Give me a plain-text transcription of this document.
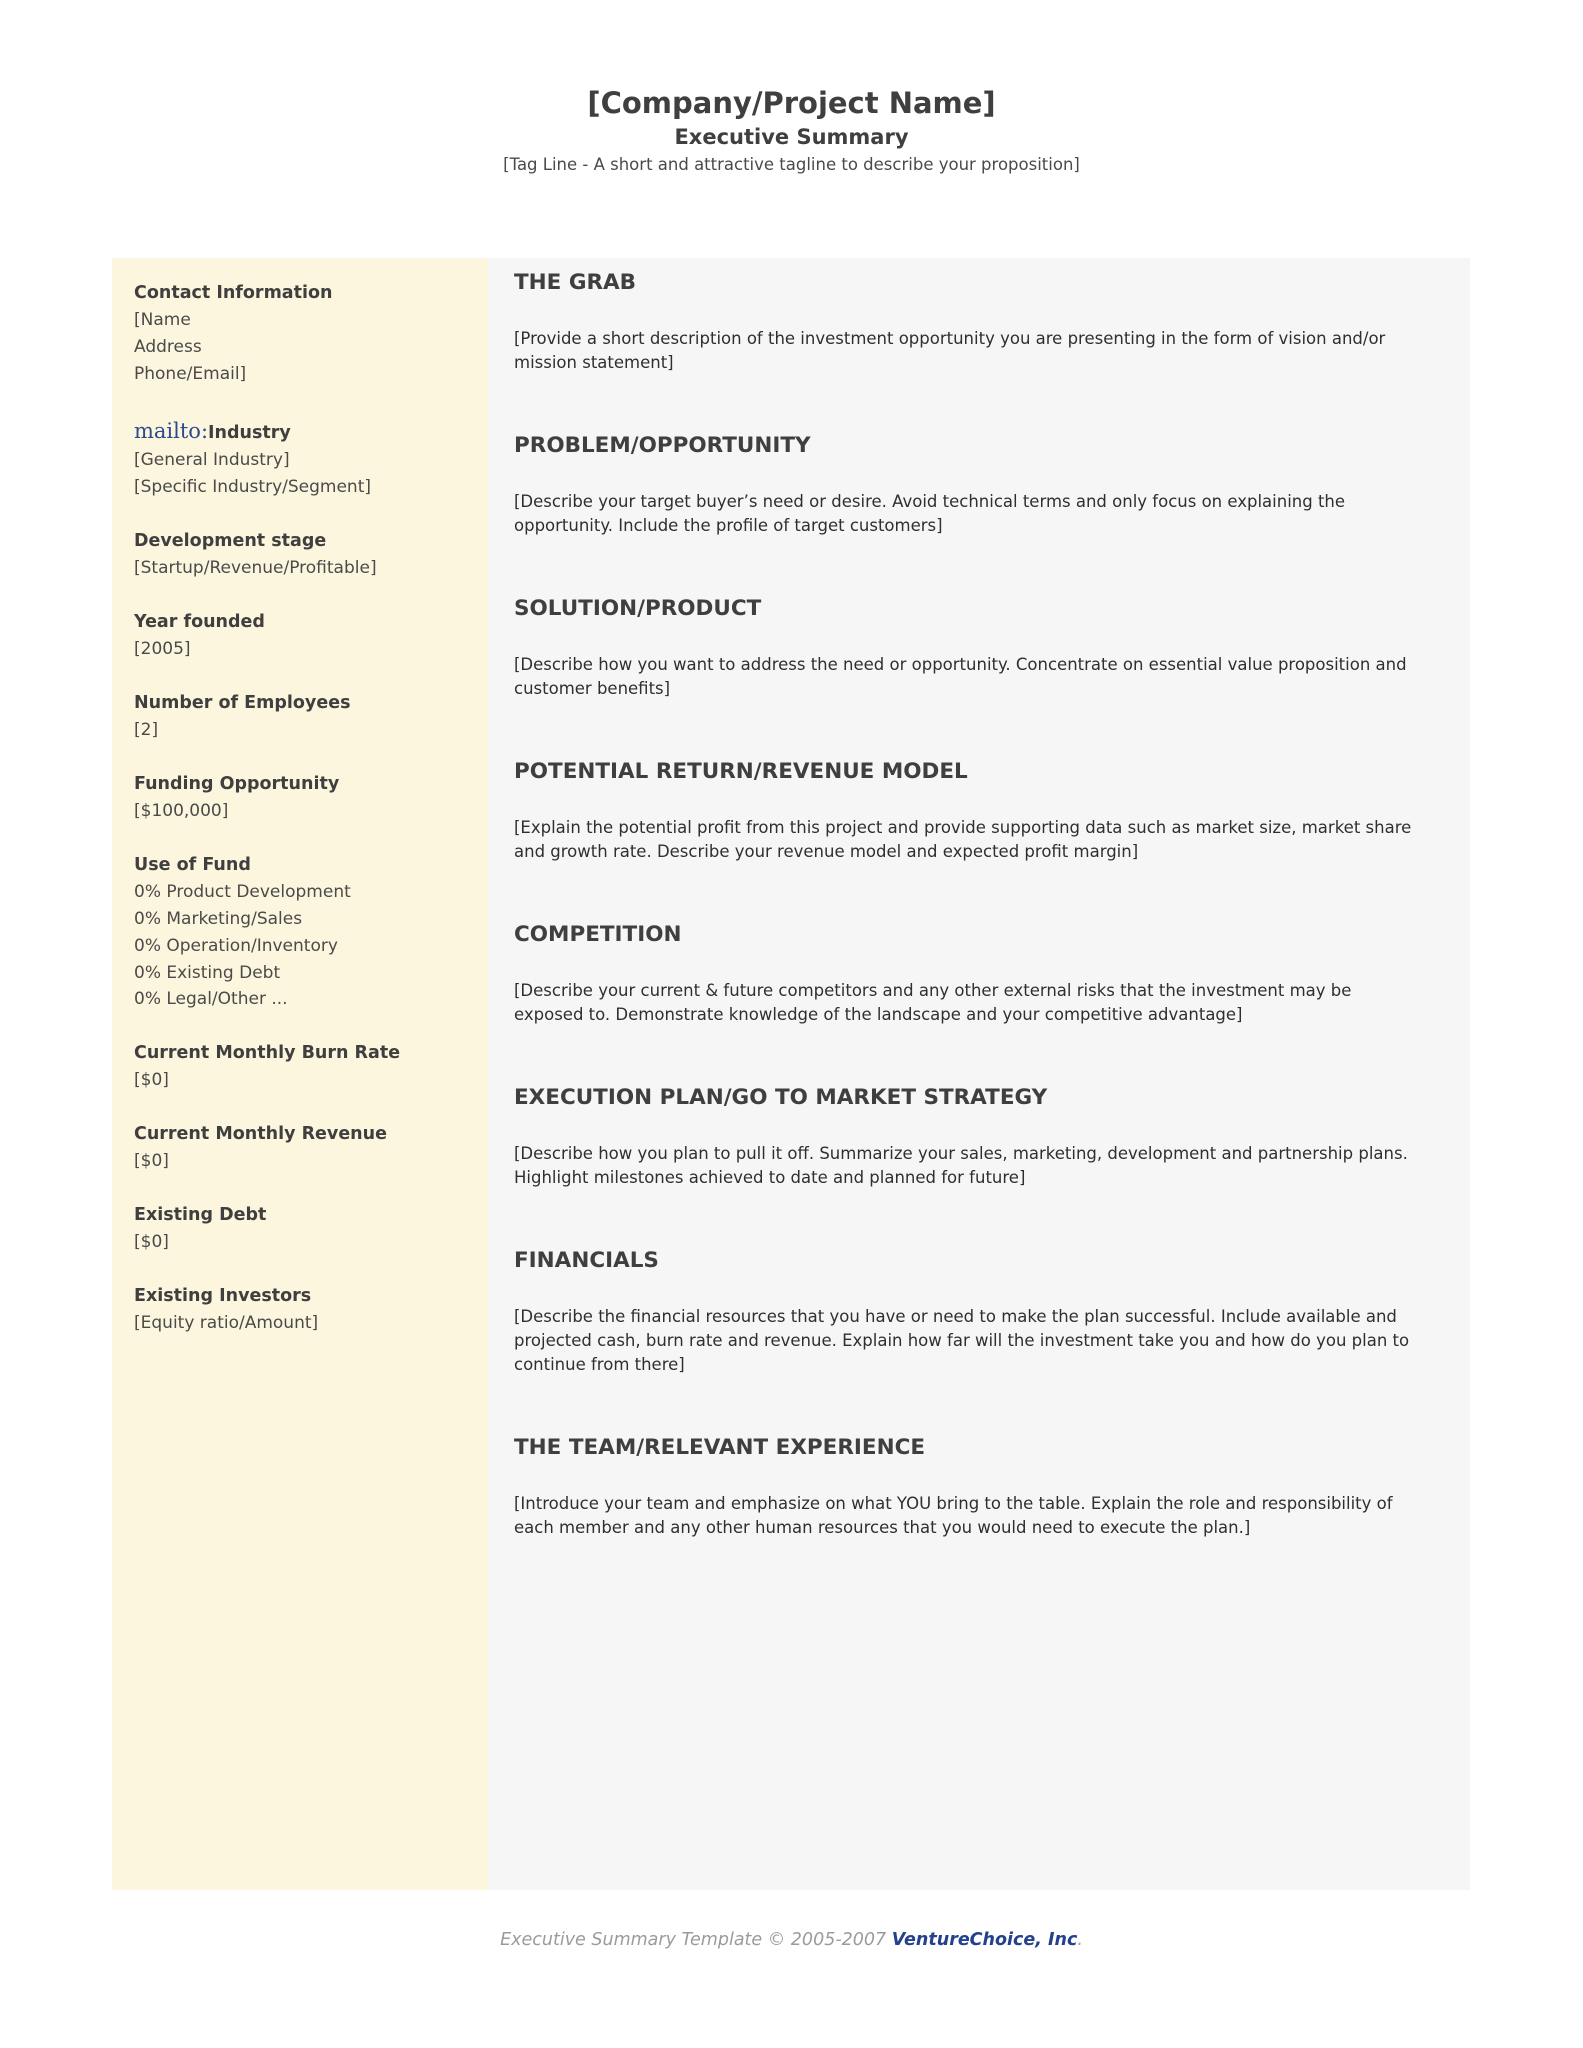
[Company/Project Name]
Executive Summary
[Tag Line - A short and attractive tagline to describe your proposition]
Contact Information
[Name
Address
Phone/Email]
mailto:Industry
[General Industry]
[Specific Industry/Segment]
Development stage
[Startup/Revenue/Profitable]
Year founded
[2005]
Number of Employees
[2]
Funding Opportunity
[$100,000]
Use of Fund
0% Product Development
0% Marketing/Sales
0% Operation/Inventory
0% Existing Debt
0% Legal/Other ...
Current Monthly Burn Rate
[$0]
Current Monthly Revenue
[$0]
Existing Debt
[$0]
Existing Investors
[Equity ratio/Amount]
THE GRAB
[Provide a short description of the investment opportunity you are presenting in the form of vision and/or mission statement]
PROBLEM/OPPORTUNITY
[Describe your target buyer’s need or desire. Avoid technical terms and only focus on explaining the opportunity. Include the profile of target customers]
SOLUTION/PRODUCT
[Describe how you want to address the need or opportunity. Concentrate on essential value proposition and customer benefits]
POTENTIAL RETURN/REVENUE MODEL
[Explain the potential profit from this project and provide supporting data such as market size, market share and growth rate. Describe your revenue model and expected profit margin]
COMPETITION
[Describe your current & future competitors and any other external risks that the investment may be exposed to. Demonstrate knowledge of the landscape and your competitive advantage]
EXECUTION PLAN/GO TO MARKET STRATEGY
[Describe how you plan to pull it off. Summarize your sales, marketing, development and partnership plans. Highlight milestones achieved to date and planned for future]
FINANCIALS
[Describe the financial resources that you have or need to make the plan successful. Include available and projected cash, burn rate and revenue. Explain how far will the investment take you and how do you plan to continue from there]
THE TEAM/RELEVANT EXPERIENCE
[Introduce your team and emphasize on what YOU bring to the table. Explain the role and responsibility of each member and any other human resources that you would need to execute the plan.]
Executive Summary Template © 2005-2007 VentureChoice, Inc.
